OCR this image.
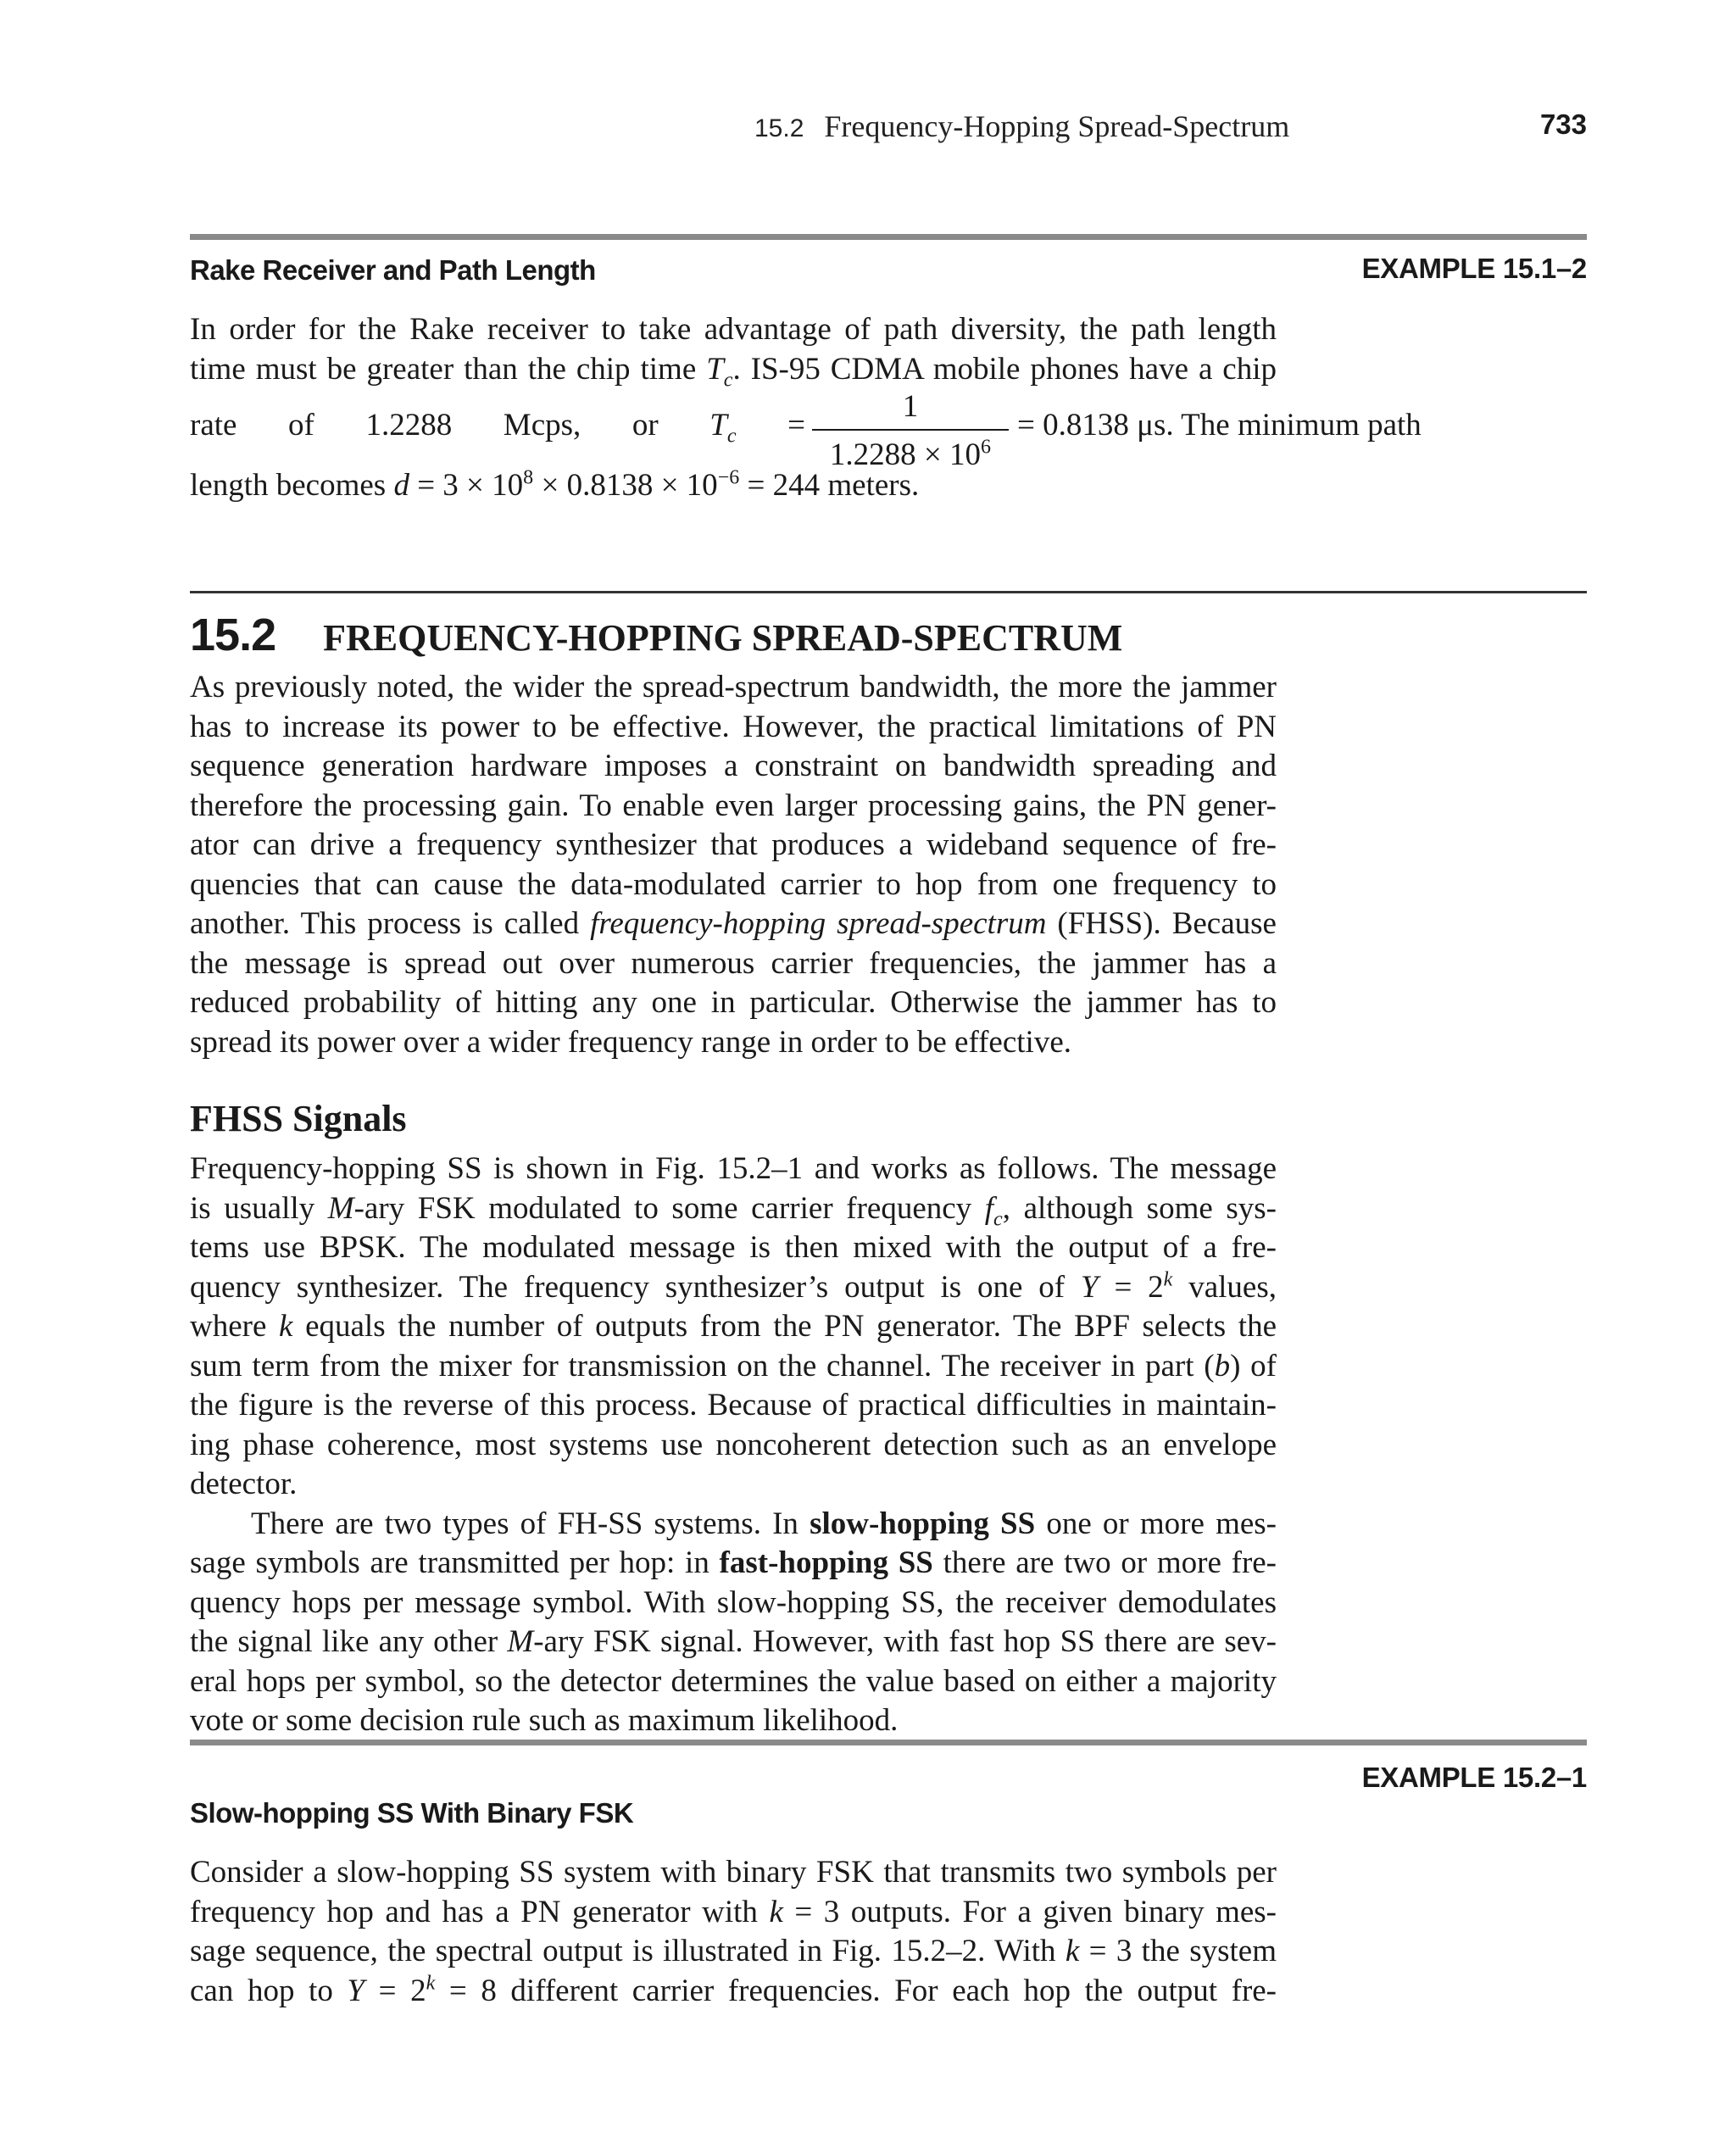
15.2 Frequency-Hopping Spread-Spectrum	733
Rake Receiver and Path Length	EXAMPLE 15.1–2
In order for the Rake receiver to take advantage of path diversity, the path length
time must be greater than the chip time $T_c$. IS-95 CDMA mobile phones have a chip
rate of 1.2288 Mcps, or $T_c$ =
1
$1.2288 \times 10^6$
= 0.8138 μs. The minimum path
length becomes $d = 3 \times 10^8 \times 0.8138 \times 10^{-6} = 244$ meters.
15.2 FREQUENCY-HOPPING SPREAD-SPECTRUM
As previously noted, the wider the spread-spectrum bandwidth, the more the jammer
has to increase its power to be effective. However, the practical limitations of PN
sequence generation hardware imposes a constraint on bandwidth spreading and
therefore the processing gain. To enable even larger processing gains, the PN gener-
ator can drive a frequency synthesizer that produces a wideband sequence of fre-
quencies that can cause the data-modulated carrier to hop from one frequency to
another. This process is called frequency-hopping spread-spectrum (FHSS). Because
the message is spread out over numerous carrier frequencies, the jammer has a
reduced probability of hitting any one in particular. Otherwise the jammer has to
spread its power over a wider frequency range in order to be effective.
FHSS Signals
Frequency-hopping SS is shown in Fig. 15.2–1 and works as follows. The message
is usually M-ary FSK modulated to some carrier frequency $f_c$, although some sys-
tems use BPSK. The modulated message is then mixed with the output of a fre-
quency synthesizer. The frequency synthesizer’s output is one of $Y = 2^k$ values,
where k equals the number of outputs from the PN generator. The BPF selects the
sum term from the mixer for transmission on the channel. The receiver in part (b) of
the figure is the reverse of this process. Because of practical difficulties in maintain-
ing phase coherence, most systems use noncoherent detection such as an envelope
detector.
There are two types of FH-SS systems. In slow-hopping SS one or more mes-
sage symbols are transmitted per hop: in fast-hopping SS there are two or more fre-
quency hops per message symbol. With slow-hopping SS, the receiver demodulates
the signal like any other M-ary FSK signal. However, with fast hop SS there are sev-
eral hops per symbol, so the detector determines the value based on either a majority
vote or some decision rule such as maximum likelihood.
EXAMPLE 15.2–1
Slow-hopping SS With Binary FSK
Consider a slow-hopping SS system with binary FSK that transmits two symbols per
frequency hop and has a PN generator with k = 3 outputs. For a given binary mes-
sage sequence, the spectral output is illustrated in Fig. 15.2–2. With k = 3 the system
can hop to $Y = 2^k = 8$ different carrier frequencies. For each hop the output fre-
